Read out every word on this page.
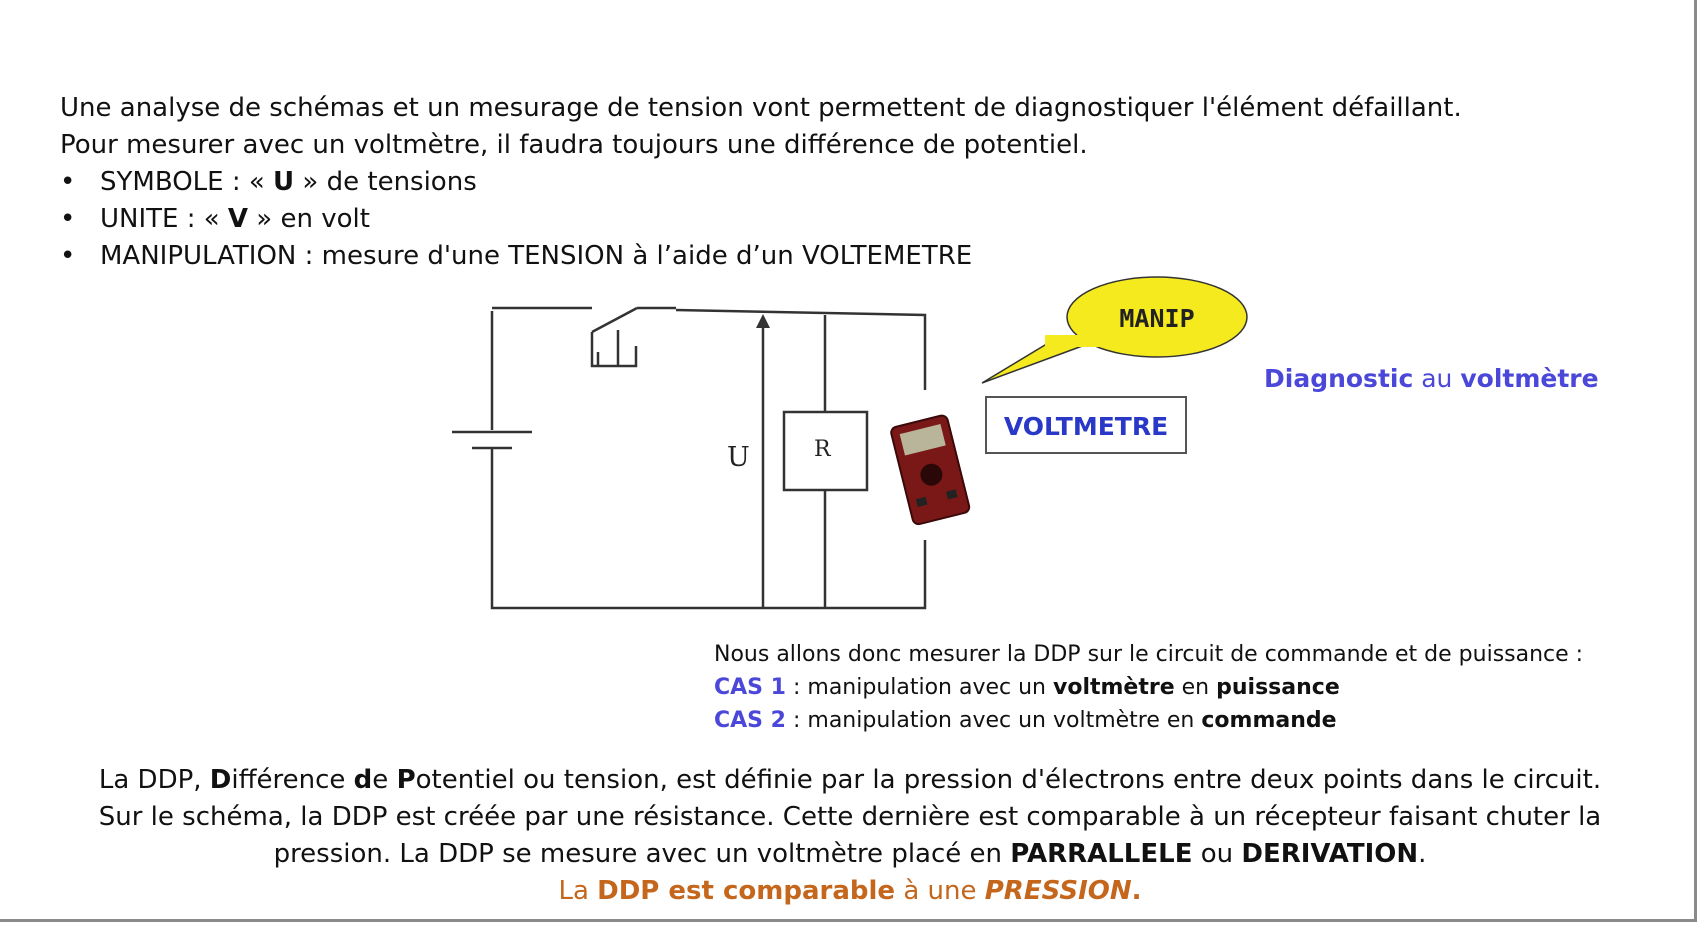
Une analyse de schémas et un mesurage de tension vont permettent de diagnostiquer l'élément défaillant.

Pour mesurer avec un voltmètre, il faudra toujours une différence de potentiel.

• SYMBOLE : « U » de tensions
• UNITE : « V » en volt
• MANIPULATION : mesure d'une TENSION à l’aide d’un VOLTEMETRE
U	R
VOLTMETRE
MANIP
Diagnostic au voltmètre

Nous allons donc mesurer la DDP sur le circuit de commande et de puissance :

CAS 1 : manipulation avec un voltmètre en puissance

CAS 2 : manipulation avec un voltmètre en commande

La DDP, Différence de Potentiel ou tension, est définie par la pression d'électrons entre deux points dans le circuit.

Sur le schéma, la DDP est créée par une résistance. Cette dernière est comparable à un récepteur faisant chuter la

pression. La DDP se mesure avec un voltmètre placé en PARRALLELE ou DERIVATION.

La DDP est comparable à une PRESSION.
